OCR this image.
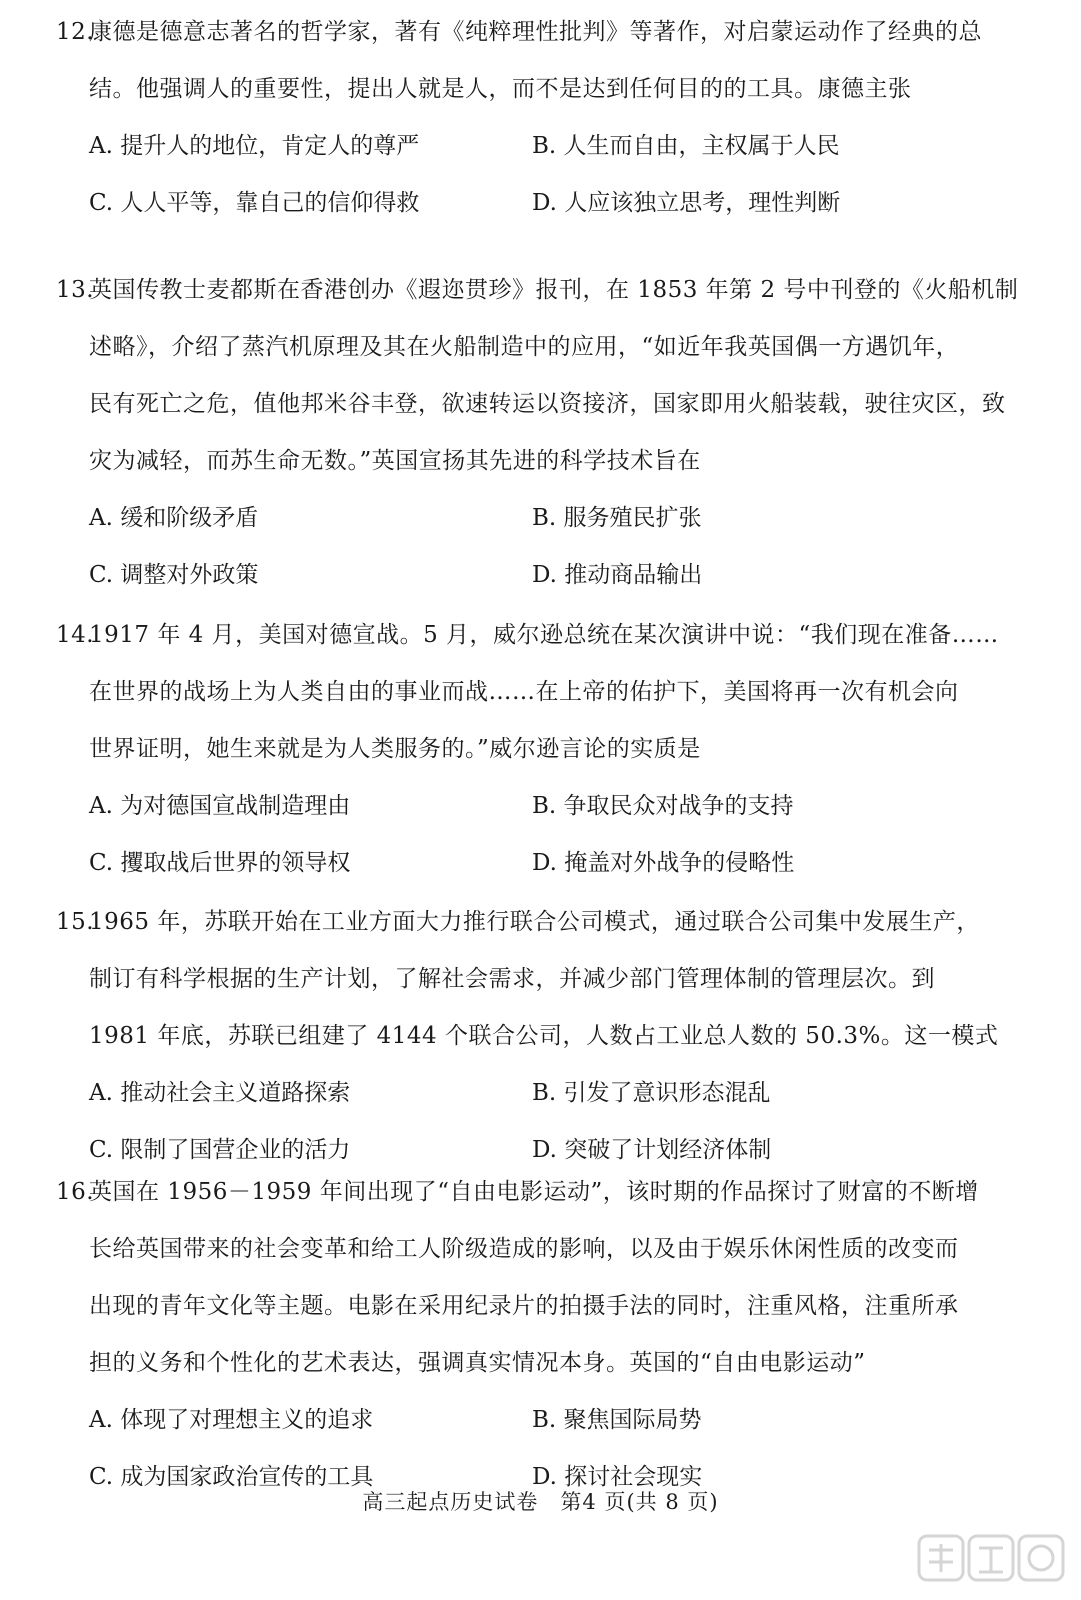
12.康德是德意志著名的哲学家，著有《纯粹理性批判》等著作，对启蒙运动作了经典的总
结。他强调人的重要性，提出人就是人，而不是达到任何目的的工具。康德主张
A. 提升人的地位，肯定人的尊严	B. 人生而自由，主权属于人民
C. 人人平等，靠自己的信仰得救	D. 人应该独立思考，理性判断
13.英国传教士麦都斯在香港创办《遐迩贯珍》报刊，在 1853 年第 2 号中刊登的《火船机制
述略》，介绍了蒸汽机原理及其在火船制造中的应用，“如近年我英国偶一方遇饥年，
民有死亡之危，值他邦米谷丰登，欲速转运以资接济，国家即用火船装载，驶往灾区，致
灾为减轻，而苏生命无数。”英国宣扬其先进的科学技术旨在
A. 缓和阶级矛盾	B. 服务殖民扩张
C. 调整对外政策	D. 推动商品输出
14.1917 年 4 月，美国对德宣战。5 月，威尔逊总统在某次演讲中说：“我们现在准备……
在世界的战场上为人类自由的事业而战……在上帝的佑护下，美国将再一次有机会向
世界证明，她生来就是为人类服务的。”威尔逊言论的实质是
A. 为对德国宣战制造理由	B. 争取民众对战争的支持
C. 攫取战后世界的领导权	D. 掩盖对外战争的侵略性
15.1965 年，苏联开始在工业方面大力推行联合公司模式，通过联合公司集中发展生产，
制订有科学根据的生产计划，了解社会需求，并减少部门管理体制的管理层次。到
1981 年底，苏联已组建了 4144 个联合公司，人数占工业总人数的 50.3%。这一模式
A. 推动社会主义道路探索	B. 引发了意识形态混乱
C. 限制了国营企业的活力	D. 突破了计划经济体制
16.英国在 1956－1959 年间出现了“自由电影运动”，该时期的作品探讨了财富的不断增
长给英国带来的社会变革和给工人阶级造成的影响，以及由于娱乐休闲性质的改变而
出现的青年文化等主题。电影在采用纪录片的拍摄手法的同时，注重风格，注重所承
担的义务和个性化的艺术表达，强调真实情况本身。英国的“自由电影运动”
A. 体现了对理想主义的追求	B. 聚焦国际局势
C. 成为国家政治宣传的工具	D. 探讨社会现实
高三起点历史试卷　第4 页(共 8 页)
